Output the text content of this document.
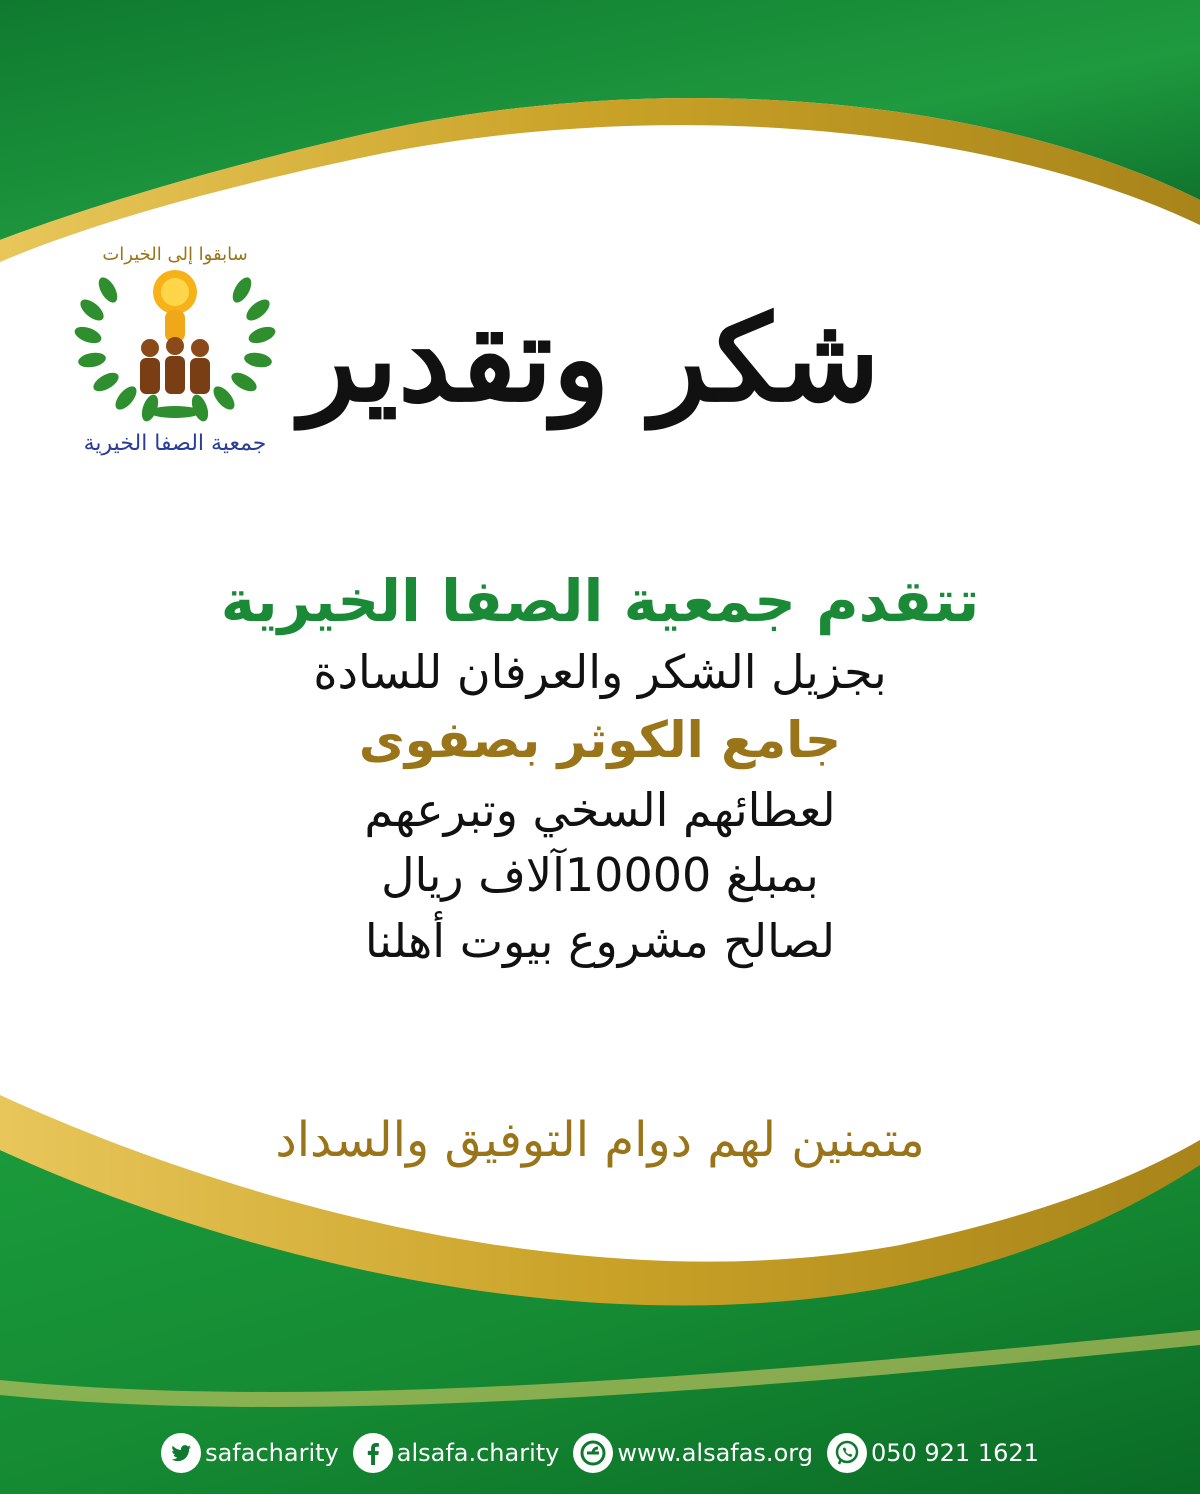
سابقوا إلى الخيرات
جمعية الصفا الخيرية
شكر وتقدير
تتقدم جمعية الصفا الخيرية
بجزيل الشكر والعرفان للسادة
جامع الكوثر بصفوى
لعطائهم السخي وتبرعهم
بمبلغ 10000آلاف ريال
لصالح مشروع بيوت أهلنا
متمنين لهم دوام التوفيق والسداد
safacharity alsafa.charity www.alsafas.org 050 921 1621
